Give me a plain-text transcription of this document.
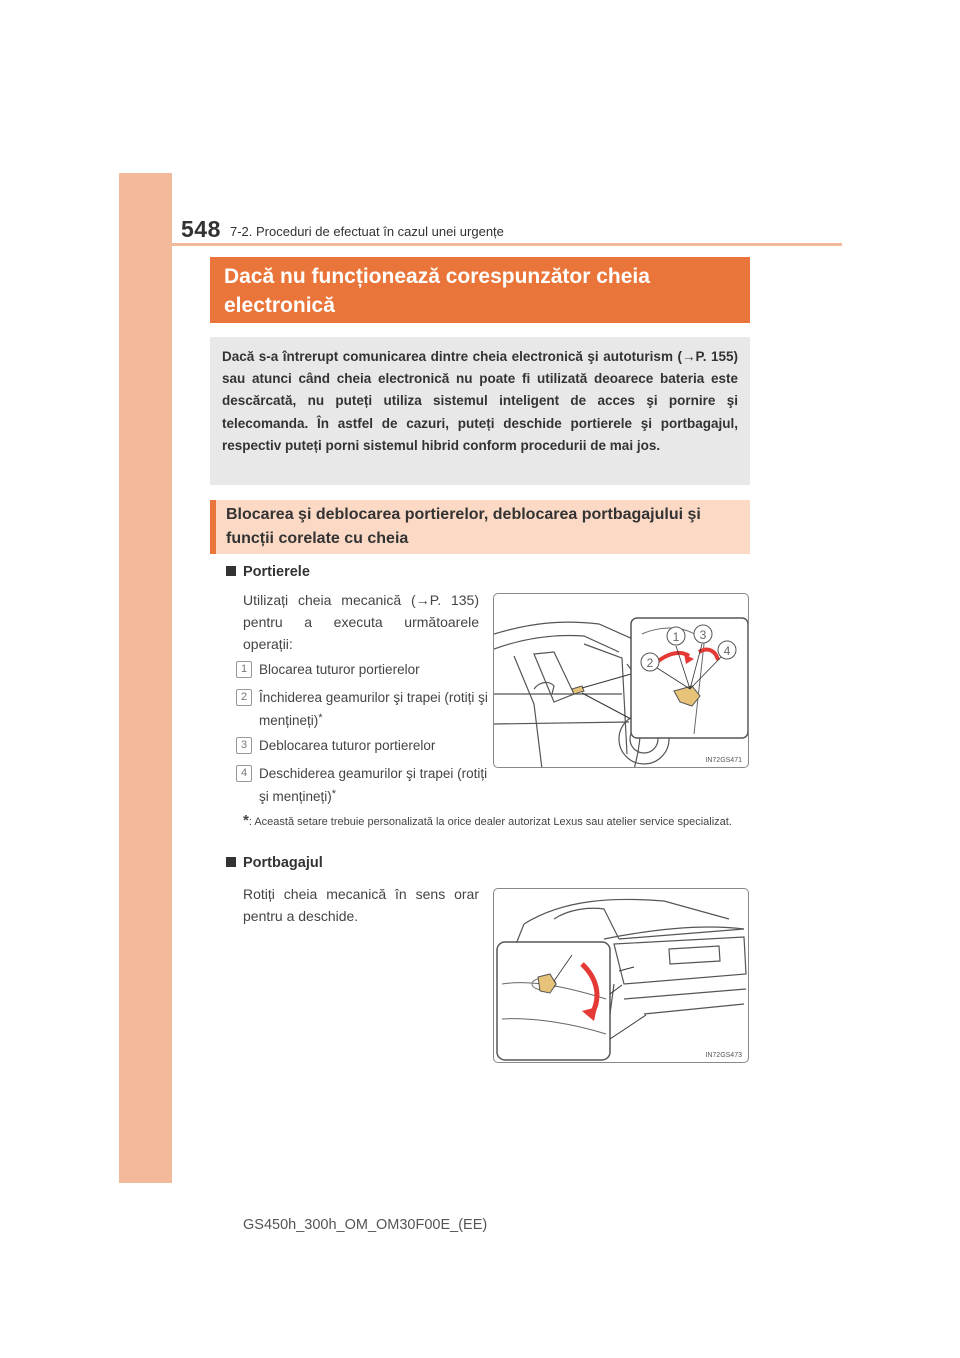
548 7-2. Proceduri de efectuat în cazul unei urgențe
Dacă nu funcționează corespunzător cheia electronică
Dacă s-a întrerupt comunicarea dintre cheia electronică şi autoturism (→P. 155) sau atunci când cheia electronică nu poate fi utilizată deoarece bateria este descărcată, nu puteți utiliza sistemul inteligent de acces şi pornire şi telecomanda. În astfel de cazuri, puteți deschide portierele şi portbagajul, respectiv puteți porni sistemul hibrid conform procedurii de mai jos.
Blocarea şi deblocarea portierelor, deblocarea portbagajului şi funcții corelate cu cheia
Portierele
Utilizați cheia mecanică (→P. 135) pentru a executa următoarele operații:
1 Blocarea tuturor portierelor
2 Închiderea geamurilor şi trapei (rotiți şi mențineți)*
3 Deblocarea tuturor portierelor
4 Deschiderea geamurilor şi trapei (rotiți şi mențineți)*
1
2
3
4
IN72GS471
*: Această setare trebuie personalizată la orice dealer autorizat Lexus sau atelier service specializat.
Portbagajul
Rotiți cheia mecanică în sens orar pentru a deschide.
IN72GS473
GS450h_300h_OM_OM30F00E_(EE)
